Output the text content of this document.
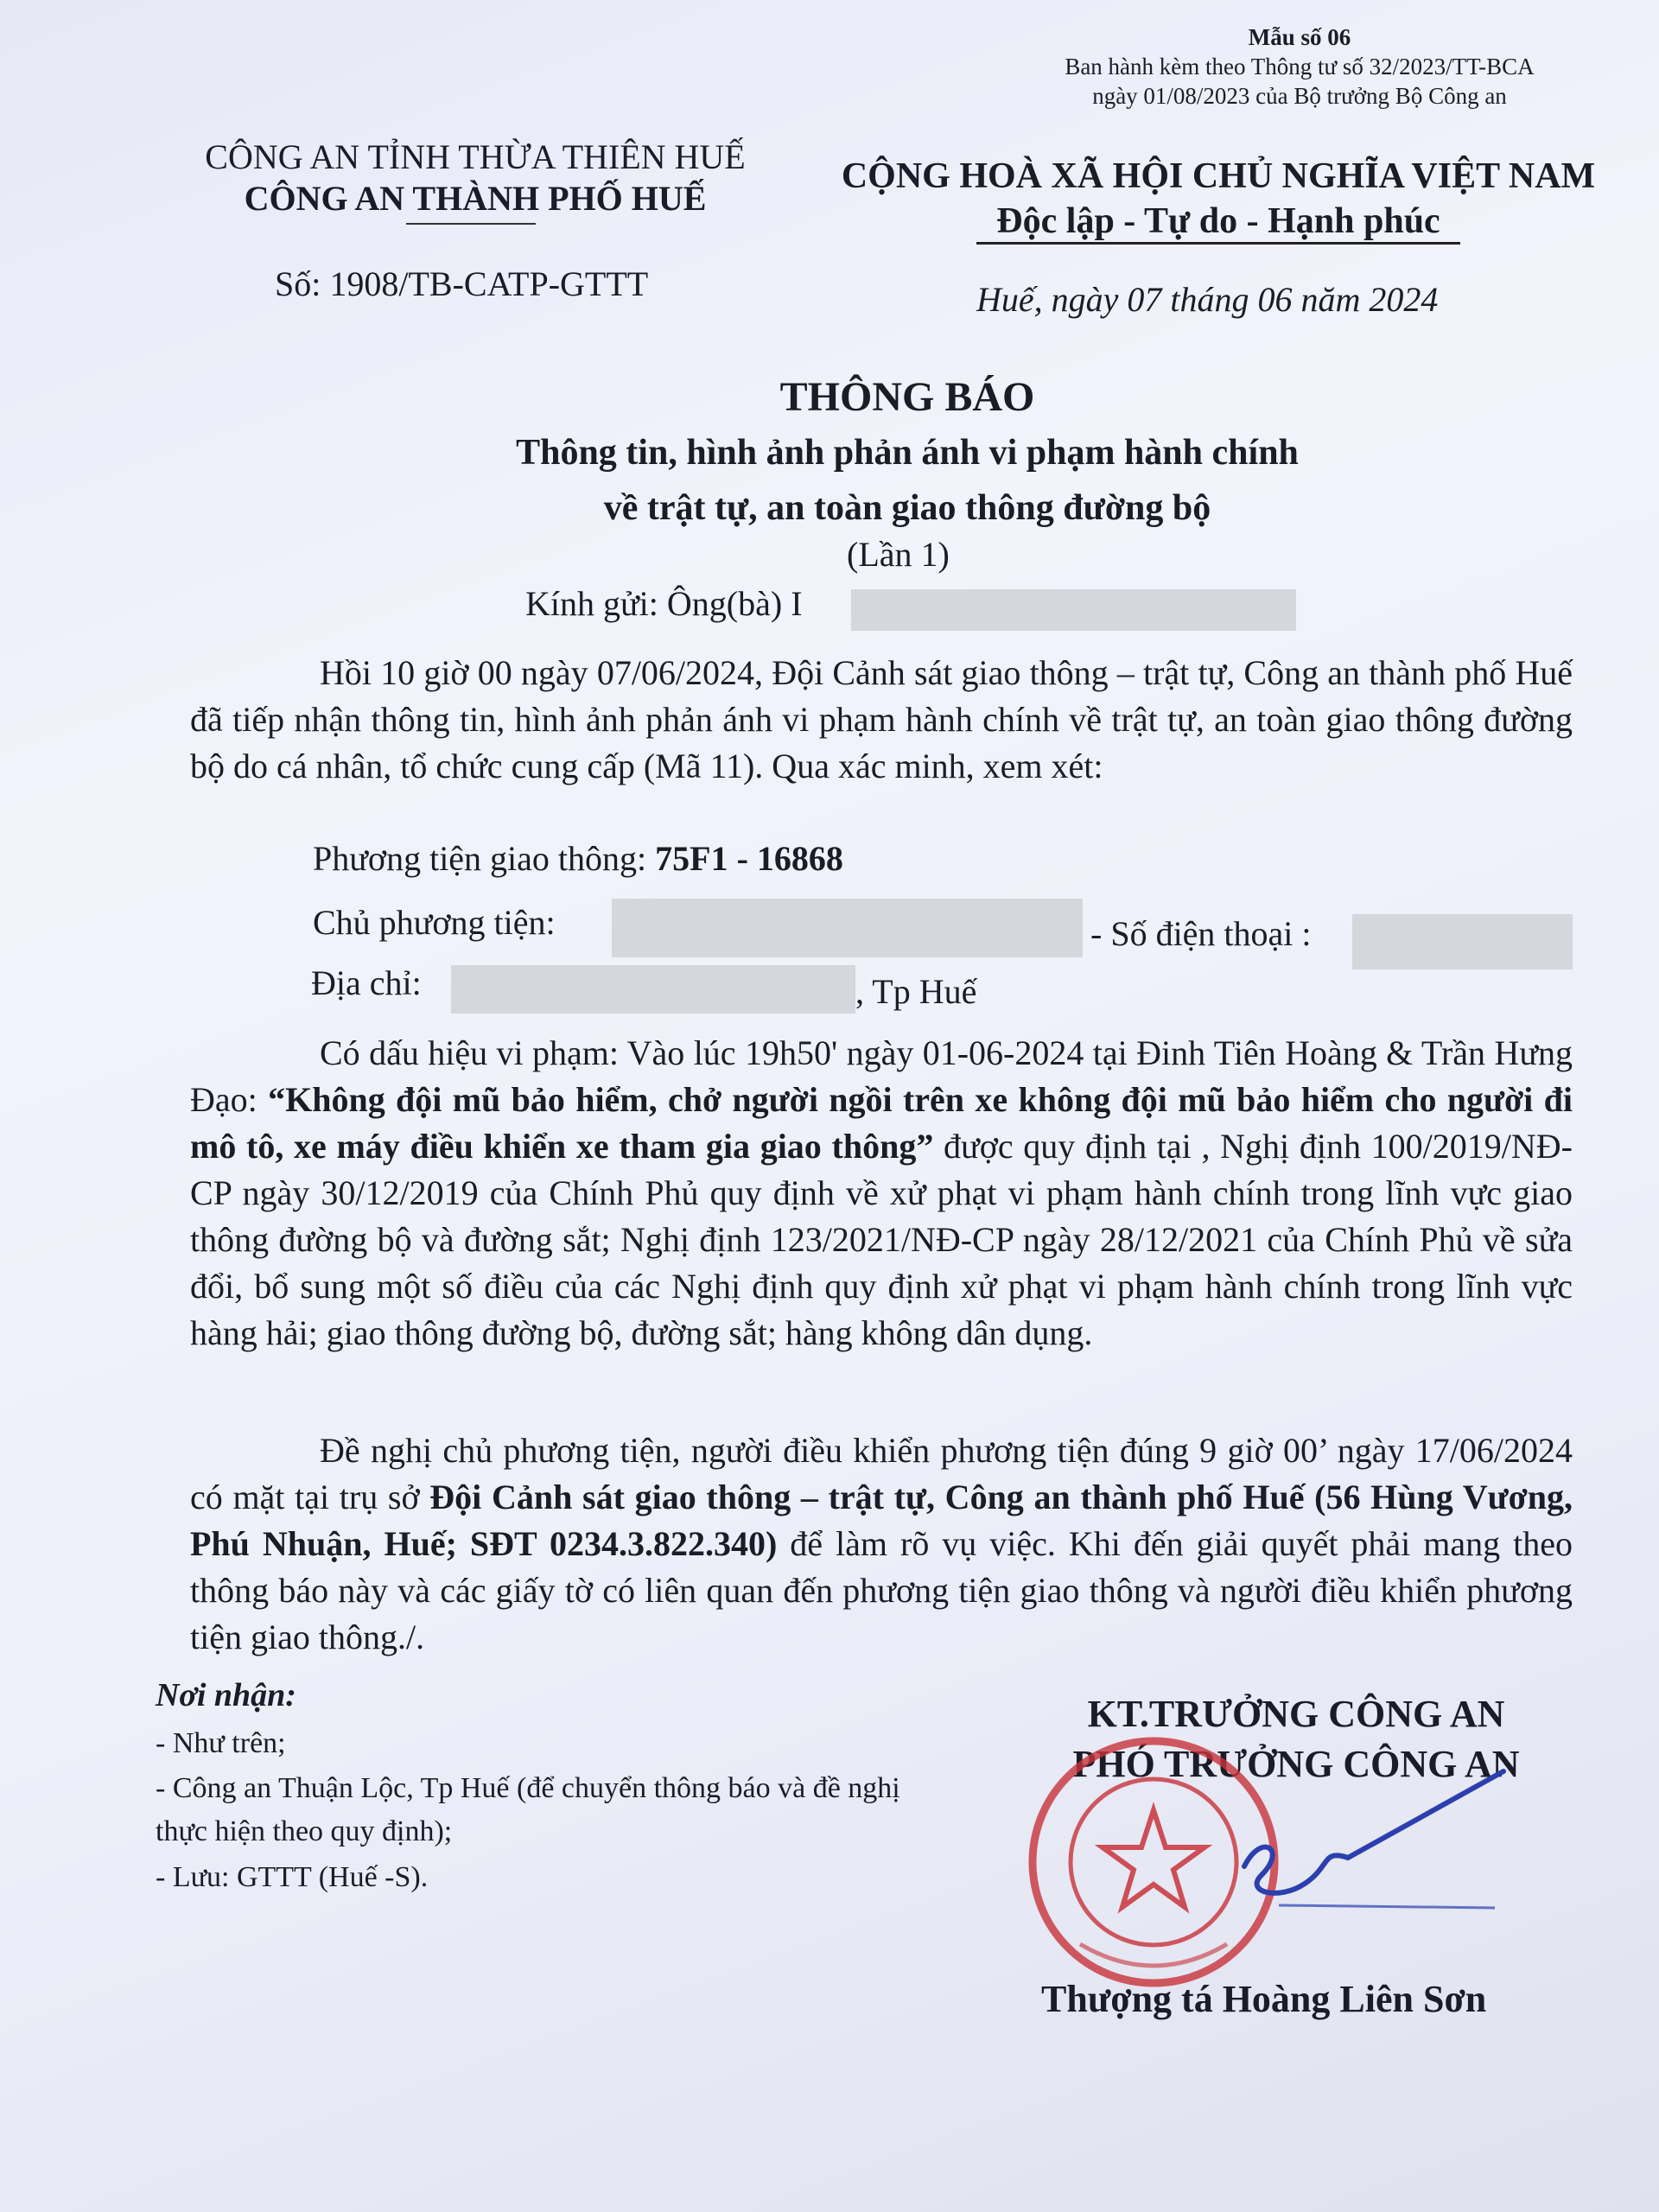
Mẫu số 06
Ban hành kèm theo Thông tư số 32/2023/TT-BCA
ngày 01/08/2023 của Bộ trưởng Bộ Công an
CÔNG AN TỈNH THỪA THIÊN HUẾ
CÔNG AN THÀNH PHỐ HUẾ
CỘNG HOÀ XÃ HỘI CHỦ NGHĨA VIỆT NAM
Độc lập - Tự do - Hạnh phúc
Số: 1908/TB-CATP-GTTT	Huế, ngày 07 tháng 06 năm 2024
THÔNG BÁO
Thông tin, hình ảnh phản ánh vi phạm hành chính
về trật tự, an toàn giao thông đường bộ
(Lần 1)
Kính gửi: Ông(bà) I

Hồi 10 giờ 00 ngày 07/06/2024, Đội Cảnh sát giao thông – trật tự, Công an thành phố Huế đã tiếp nhận thông tin, hình ảnh phản ánh vi phạm hành chính về trật tự, an toàn giao thông đường bộ do cá nhân, tổ chức cung cấp (Mã 11). Qua xác minh, xem xét:

Phương tiện giao thông: 75F1 - 16868
Chủ phương tiện:	- Số điện thoại :
Địa chỉ:	, Tp Huế

Có dấu hiệu vi phạm: Vào lúc 19h50' ngày 01-06-2024 tại Đinh Tiên Hoàng & Trần Hưng Đạo: “Không đội mũ bảo hiểm, chở người ngồi trên xe không đội mũ bảo hiểm cho người đi mô tô, xe máy điều khiển xe tham gia giao thông” được quy định tại , Nghị định 100/2019/NĐ-CP ngày 30/12/2019 của Chính Phủ quy định về xử phạt vi phạm hành chính trong lĩnh vực giao thông đường bộ và đường sắt; Nghị định 123/2021/NĐ-CP ngày 28/12/2021 của Chính Phủ về sửa đổi, bổ sung một số điều của các Nghị định quy định xử phạt vi phạm hành chính trong lĩnh vực hàng hải; giao thông đường bộ, đường sắt; hàng không dân dụng.

Đề nghị chủ phương tiện, người điều khiển phương tiện đúng 9 giờ 00’ ngày 17/06/2024 có mặt tại trụ sở Đội Cảnh sát giao thông – trật tự, Công an thành phố Huế (56 Hùng Vương, Phú Nhuận, Huế; SĐT 0234.3.822.340) để làm rõ vụ việc. Khi đến giải quyết phải mang theo thông báo này và các giấy tờ có liên quan đến phương tiện giao thông và người điều khiển phương tiện giao thông./.

Nơi nhận:
- Như trên;
- Công an Thuận Lộc, Tp Huế (để chuyển thông báo và đề nghị thực hiện theo quy định);
- Lưu: GTTT (Huế -S).
KT.TRƯỞNG CÔNG AN
PHÓ TRƯỞNG CÔNG AN
Thượng tá Hoàng Liên Sơn
